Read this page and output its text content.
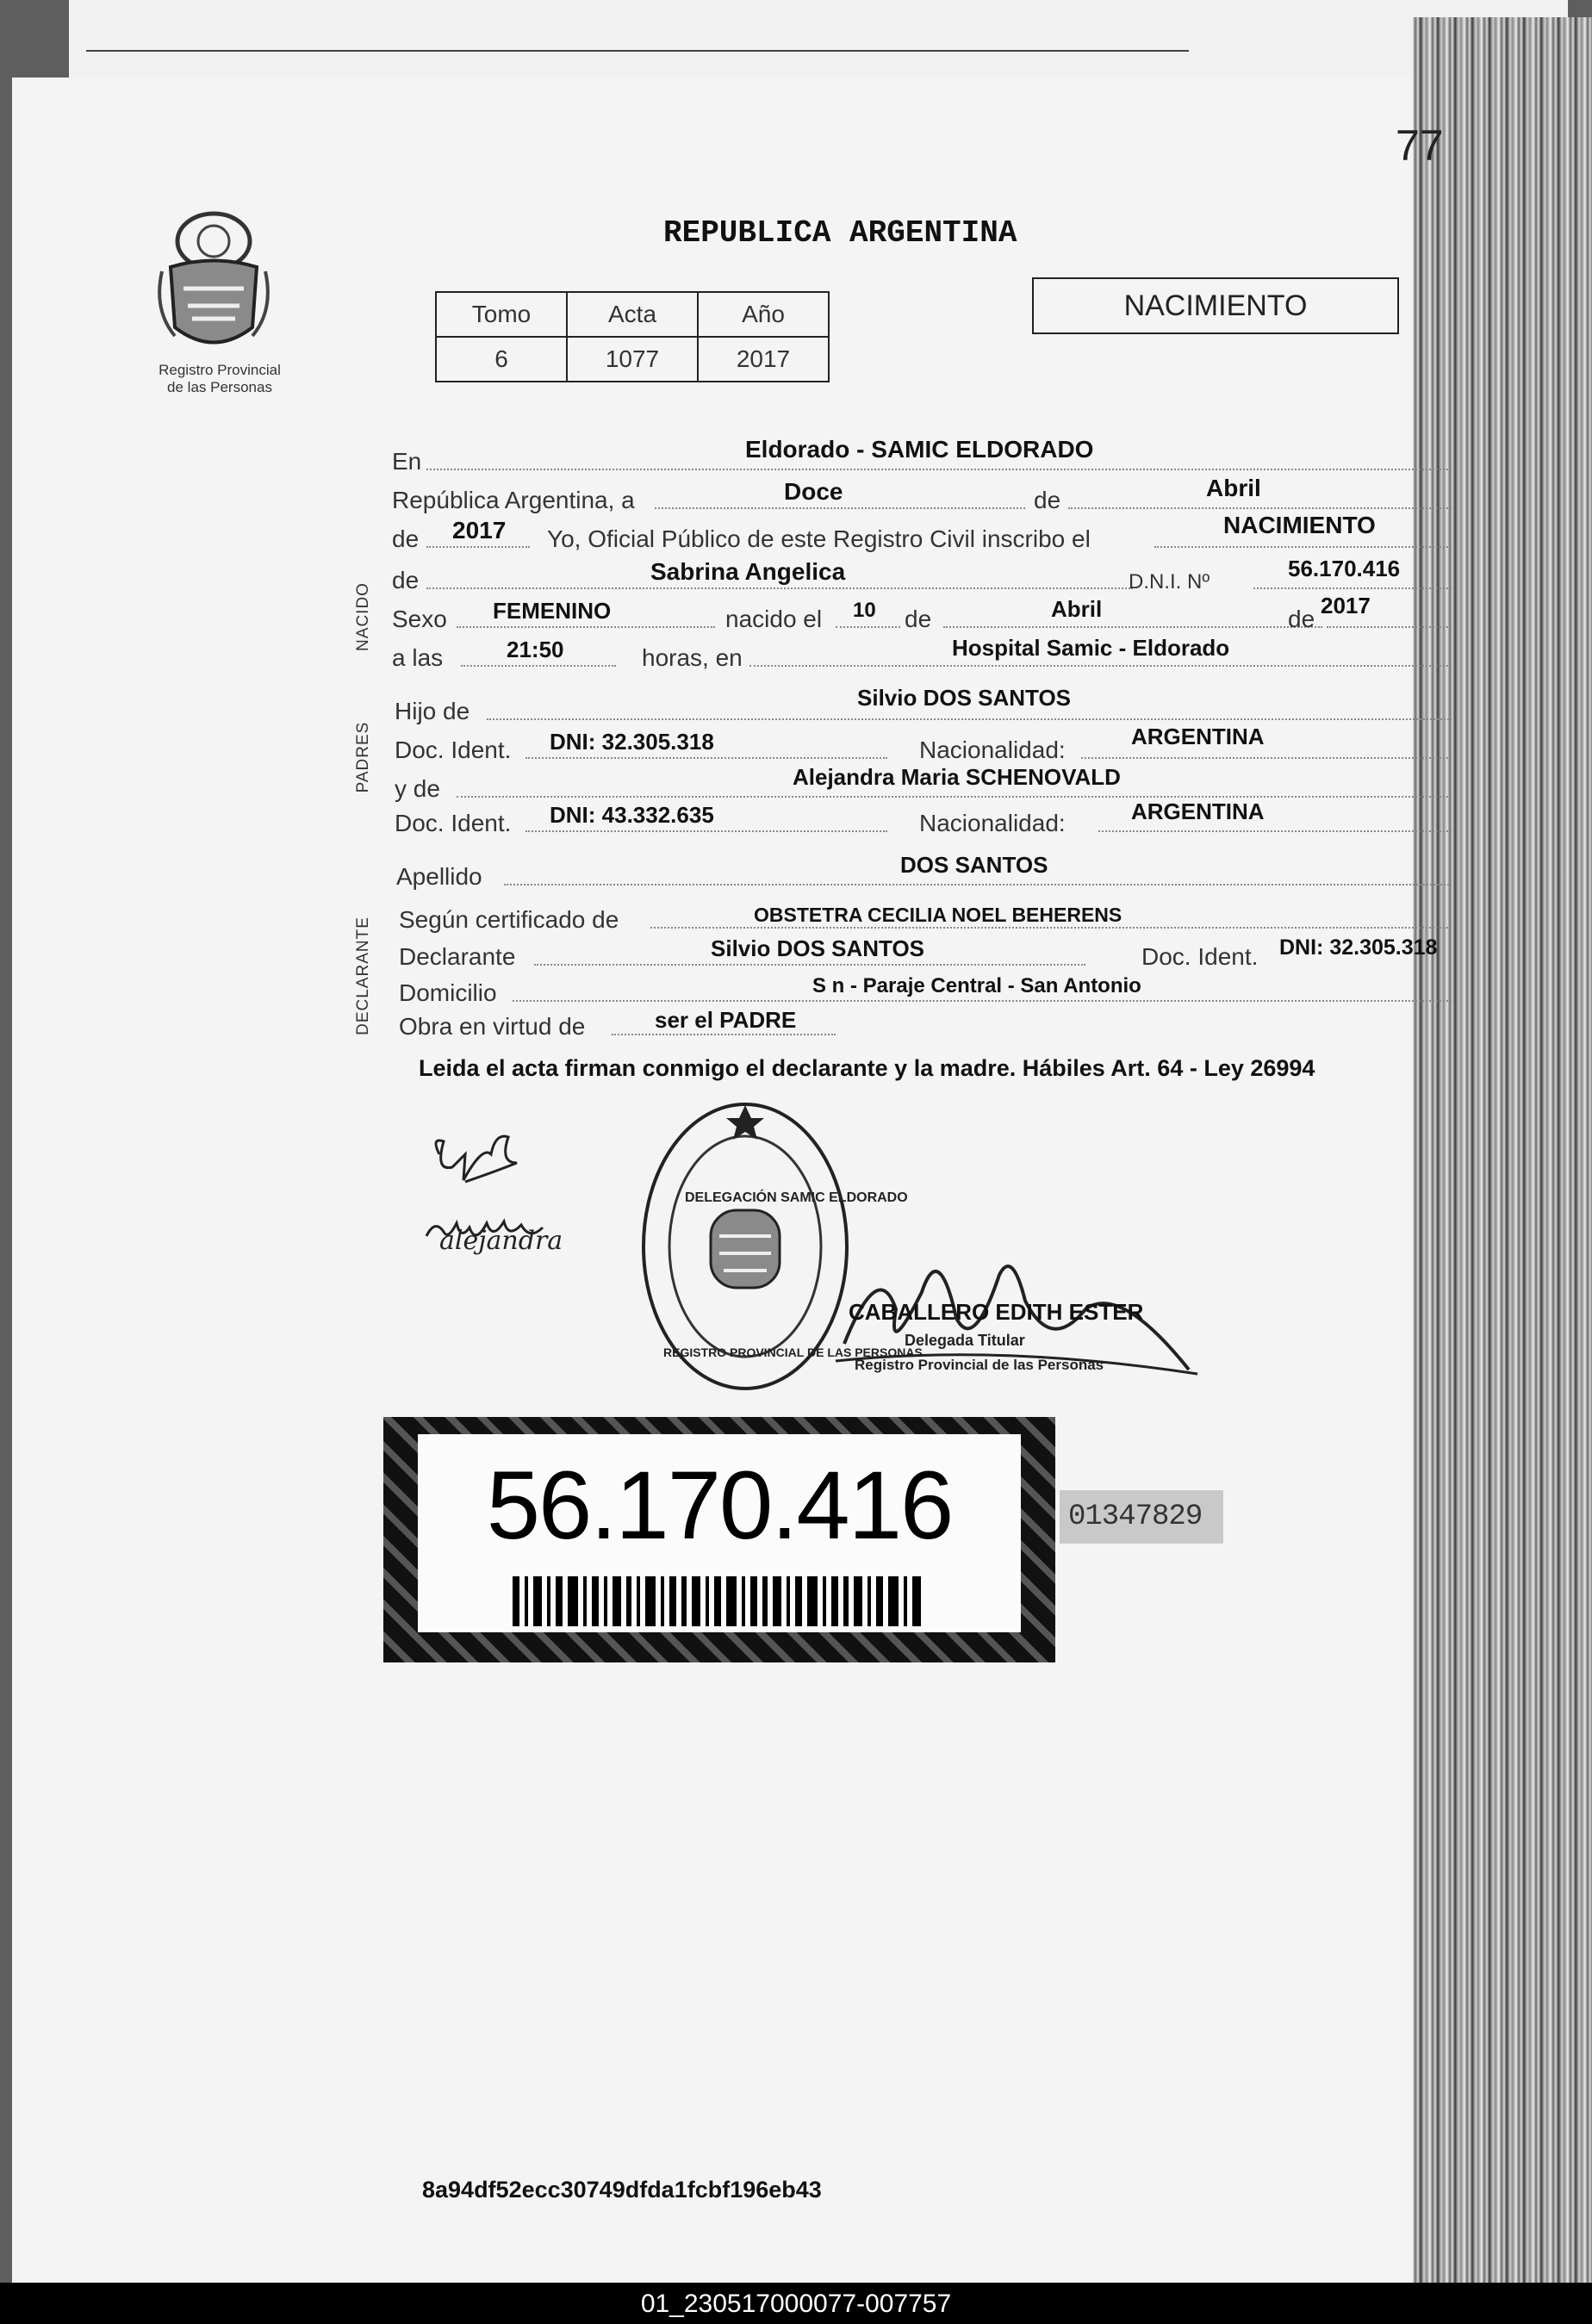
77
Registro Provincial
de las Personas
REPUBLICA ARGENTINA
Tomo	Acta	Año
6	1077	2017
NACIMIENTO
NACIDO
PADRES
DECLARANTE
En	Eldorado - SAMIC ELDORADO
República Argentina, a	Doce	de	Abril
de 2017 Yo, Oficial Público de este Registro Civil inscribo el
NACIMIENTO
de	Sabrina Angelica	D.N.I. Nº
56.170.416
Sexo FEMENINO	nacido el 10 de	Abril	de 2017
a las	21:50	horas, en	Hospital Samic - Eldorado
Hijo de	Silvio DOS SANTOS
Doc. Ident. DNI: 32.305.318	Nacionalidad:	ARGENTINA
y de	Alejandra Maria SCHENOVALD
Doc. Ident. DNI: 43.332.635	Nacionalidad:	ARGENTINA
Apellido	DOS SANTOS
Según certificado de	OBSTETRA CECILIA NOEL BEHERENS
Declarante	Silvio DOS SANTOS	Doc. Ident. DNI: 32.305.318
Domicilio	S n - Paraje Central - San Antonio
Obra en virtud de	ser el PADRE
Leida el acta firman conmigo el declarante y la madre. Hábiles Art. 64 - Ley 26994
alejandra
DELEGACIÓN SAMIC ELDORADO
REGISTRO PROVINCIAL DE LAS PERSONAS
CABALLERO EDITH ESTER
Delegada Titular
Registro Provincial de las Personas
56.170.416	01347829
8a94df52ecc30749dfda1fcbf196eb43
01_230517000077-007757
